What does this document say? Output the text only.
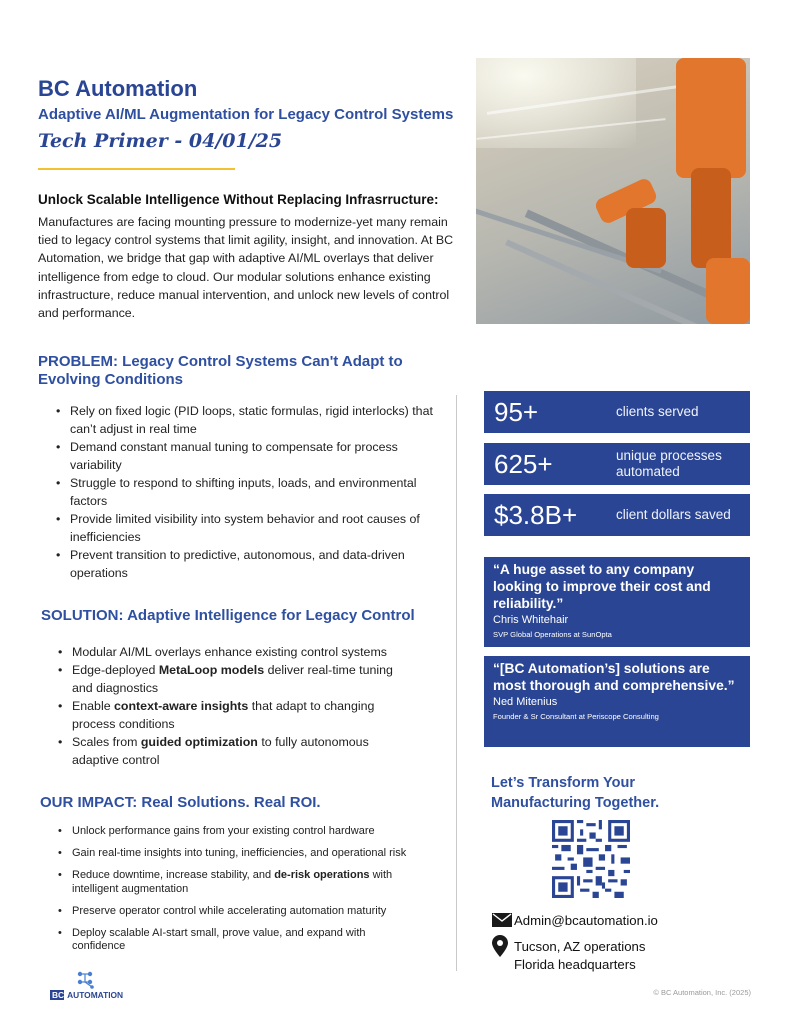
BC Automation
Adaptive AI/ML Augmentation for Legacy Control Systems
Tech Primer - 04/01/25
Unlock Scalable Intelligence Without Replacing Infrasrructure:

Manufactures are facing mounting pressure to modernize-yet many remain tied to legacy control systems that limit agility, insight, and innovation. At BC Automation, we bridge that gap with adaptive AI/ML overlays that deliver intelligence from edge to cloud. Our modular solutions enhance existing infrastructure, reduce manual intervention, and unlock new levels of control and performance.

PROBLEM: Legacy Control Systems Can't Adapt to Evolving Conditions
• Rely on fixed logic (PID loops, static formulas, rigid interlocks) that can’t adjust in real time
• Demand constant manual tuning to compensate for process variability
• Struggle to respond to shifting inputs, loads, and environmental factors
• Provide limited visibility into system behavior and root causes of inefficiencies
• Prevent transition to predictive, autonomous, and data-driven operations
SOLUTION: Adaptive Intelligence for Legacy Control
• Modular AI/ML overlays enhance existing control systems
• Edge-deployed MetaLoop models deliver real-time tuning and diagnostics
• Enable context-aware insights that adapt to changing process conditions
• Scales from guided optimization to fully autonomous adaptive control
OUR IMPACT: Real Solutions. Real ROI.
• Unlock performance gains from your existing control hardware
• Gain real-time insights into tuning, inefficiencies, and operational risk
• Reduce downtime, increase stability, and de-risk operations with intelligent augmentation
• Preserve operator control while accelerating automation maturity
• Deploy scalable AI-start small, prove value, and expand with confidence
95+	clients served
625+	unique processes automated
$3.8B+	client dollars saved
“A huge asset to any company looking to improve their cost and reliability.”
Chris Whitehair
SVP Global Operations at SunOpta
“[BC Automation’s] solutions are most thorough and comprehensive.”
Ned Mitenius
Founder & Sr Consultant at Periscope Consulting
Let’s Transform Your Manufacturing Together.
Admin@bcautomation.io
Tucson, AZ operations
Florida headquarters
BC AUTOMATION	© BC Automation, Inc. (2025)
